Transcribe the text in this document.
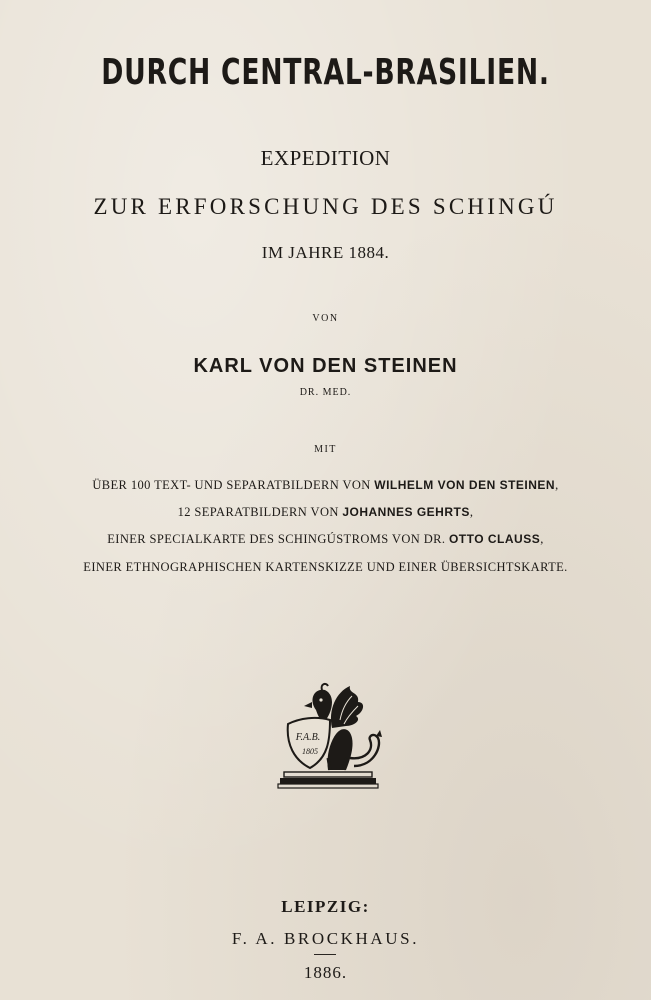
DURCH CENTRAL-BRASILIEN.
EXPEDITION
ZUR ERFORSCHUNG DES SCHINGÚ
IM JAHRE 1884.
VON
KARL VON DEN STEINEN
DR. MED.
MIT
ÜBER 100 TEXT- UND SEPARATBILDERN VON WILHELM VON DEN STEINEN,
12 SEPARATBILDERN VON JOHANNES GEHRTS,
EINER SPECIALKARTE DES SCHINGÚSTROMS VON DR. OTTO CLAUSS,
EINER ETHNOGRAPHISCHEN KARTENSKIZZE UND EINER ÜBERSICHTSKARTE.
F.A.B.
1805
LEIPZIG:
F. A. BROCKHAUS.
1886.
